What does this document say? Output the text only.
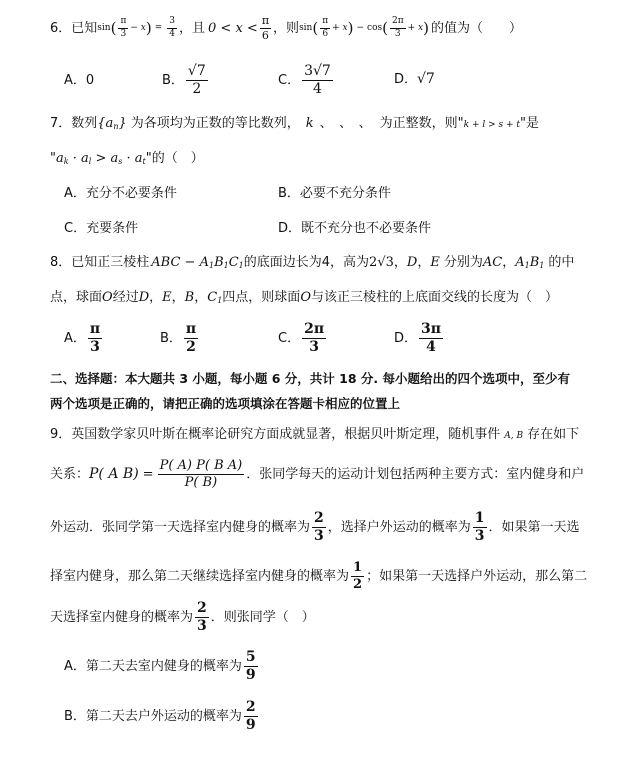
6． 已知 sin ( $\frac{\pi}{3} - x$ ) = $\frac{3}{4}$ ，且 $0 < x < \frac{\pi}{6}$ ，则 sin ( $\frac{\pi}{6} + x$ ) − cos ( $\frac{2\pi}{3} + x$ ) 的值为（　　）
A．0	B． $\frac{√7}{2}$	C． $\frac{3√7}{4}$	D．√7
7．数列$\{a_n\}$ 为各项均为正数的等比数列， k 、　、　、 为正整数，则"k + l > s + t"是
"$a_k \cdot a_l > a_s \cdot a_t$"的（　）
A．充分不必要条件	B．必要不充分条件
C．充要条件	D．既不充分也不必要条件
8．已知正三棱柱 ABC − $A_1B_1C_1$的底面边长为4，高为2√3，D，E 分别为AC，$A_1B_1$ 的中
点，球面O经过D，E，B，$C_1$四点，则球面O与该正三棱柱的上底面交线的长度为（　）
A． $\frac{\pi}{3}$	B． $\frac{\pi}{2}$	C． $\frac{2\pi}{3}$	D． $\frac{3\pi}{4}$
二、选择题：本大题共 3 小题，每小题 6 分，共计 18 分. 每小题给出的四个选项中，至少有
两个选项是正确的，请把正确的选项填涂在答题卡相应的位置上
9．英国数学家贝叶斯在概率论研究方面成就显著，根据贝叶斯定理，随机事件 A, B 存在如下
关系： P( A $B) = \frac{\text{P( A) P( B A)}}{P( B)}$ ．张同学每天的运动计划包括两种主要方式：室内健身和户
外运动．张同学第一天选择室内健身的概率为 $\frac{2}{3}$ ，选择户外运动的概率为 $\frac{1}{3}$ ．如果第一天选
择室内健身，那么第二天继续选择室内健身的概率为 $\frac{1}{2}$ ；如果第一天选择户外运动，那么第二
天选择室内健身的概率为 $\frac{2}{3}$ ．则张同学（　）
A．第二天去室内健身的概率为 $\frac{5}{9}$
B．第二天去户外运动的概率为 $\frac{2}{9}$
